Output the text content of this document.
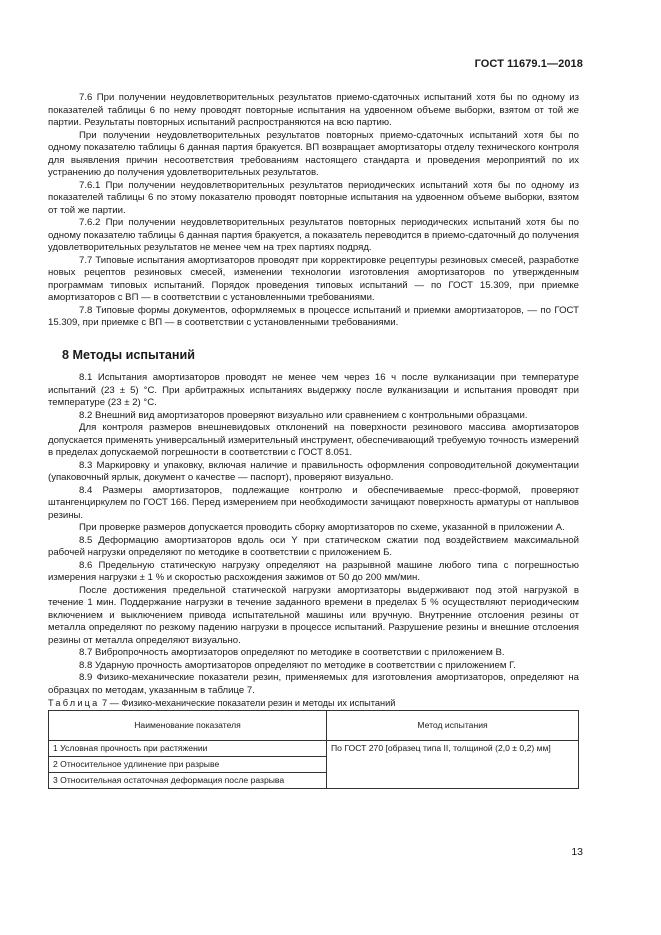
ГОСТ 11679.1—2018

7.6 При получении неудовлетворительных результатов приемо-сдаточных испытаний хотя бы по одному из показателей таблицы 6 по нему проводят повторные испытания на удвоенном объеме выборки, взятом от той же партии. Результаты повторных испытаний распространяются на всю партию.

При получении неудовлетворительных результатов повторных приемо-сдаточных испытаний хотя бы по одному показателю таблицы 6 данная партия бракуется. ВП возвращает амортизаторы отделу технического контроля для выявления причин несоответствия требованиям настоящего стандарта и проведения мероприятий по их устранению до получения удовлетворительных результатов.

7.6.1 При получении неудовлетворительных результатов периодических испытаний хотя бы по одному из показателей таблицы 6 по этому показателю проводят повторные испытания на удвоенном объеме выборки, взятом от той же партии.

7.6.2 При получении неудовлетворительных результатов повторных периодических испытаний хотя бы по одному показателю таблицы 6 данная партия бракуется, а показатель переводится в приемо-сдаточный до получения удовлетворительных результатов не менее чем на трех партиях подряд.

7.7 Типовые испытания амортизаторов проводят при корректировке рецептуры резиновых смесей, разработке новых рецептов резиновых смесей, изменении технологии изготовления амортизаторов по утвержденным программам типовых испытаний. Порядок проведения типовых испытаний — по ГОСТ 15.309, при приемке амортизаторов с ВП — в соответствии с установленными требованиями.

7.8 Типовые формы документов, оформляемых в процессе испытаний и приемки амортизаторов, — по ГОСТ 15.309, при приемке с ВП — в соответствии с установленными требованиями.

8 Методы испытаний

8.1 Испытания амортизаторов проводят не менее чем через 16 ч после вулканизации при температуре испытаний (23 ± 5) °С. При арбитражных испытаниях выдержку после вулканизации и испытания проводят при температуре (23 ± 2) °С.

8.2 Внешний вид амортизаторов проверяют визуально или сравнением с контрольными образцами.

Для контроля размеров внешневидовых отклонений на поверхности резинового массива амортизаторов допускается применять универсальный измерительный инструмент, обеспечивающий требуемую точность измерений в пределах допускаемой погрешности в соответствии с ГОСТ 8.051.

8.3 Маркировку и упаковку, включая наличие и правильность оформления сопроводительной документации (упаковочный ярлык, документ о качестве — паспорт), проверяют визуально.

8.4 Размеры амортизаторов, подлежащие контролю и обеспечиваемые пресс-формой, проверяют штангенциркулем по ГОСТ 166. Перед измерением при необходимости зачищают поверхность арматуры от наплывов резины.

При проверке размеров допускается проводить сборку амортизаторов по схеме, указанной в приложении А.

8.5 Деформацию амортизаторов вдоль оси Y при статическом сжатии под воздействием максимальной рабочей нагрузки определяют по методике в соответствии с приложением Б.

8.6 Предельную статическую нагрузку определяют на разрывной машине любого типа с погрешностью измерения нагрузки ± 1 % и скоростью расхождения зажимов от 50 до 200 мм/мин.

После достижения предельной статической нагрузки амортизаторы выдерживают под этой нагрузкой в течение 1 мин. Поддержание нагрузки в течение заданного времени в пределах 5 % осуществляют периодическим включением и выключением привода испытательной машины или вручную. Внутренние отслоения резины от металла определяют по резкому падению нагрузки в процессе испытаний. Разрушение резины и внешние отслоения резины от металла определяют визуально.

8.7 Вибропрочность амортизаторов определяют по методике в соответствии с приложением В.

8.8 Ударную прочность амортизаторов определяют по методике в соответствии с приложением Г.

8.9 Физико-механические показатели резин, применяемых для изготовления амортизаторов, определяют на образцах по методам, указанным в таблице 7.

Таблица 7 — Физико-механические показатели резин и методы их испытаний

Наименование показателя	Метод испытания
1 Условная прочность при растяжении	По ГОСТ 270 [образец типа II, толщиной (2,0 ± 0,2) мм]
2 Относительное удлинение при разрыве	
3 Относительная остаточная деформация после разрыва	
13
